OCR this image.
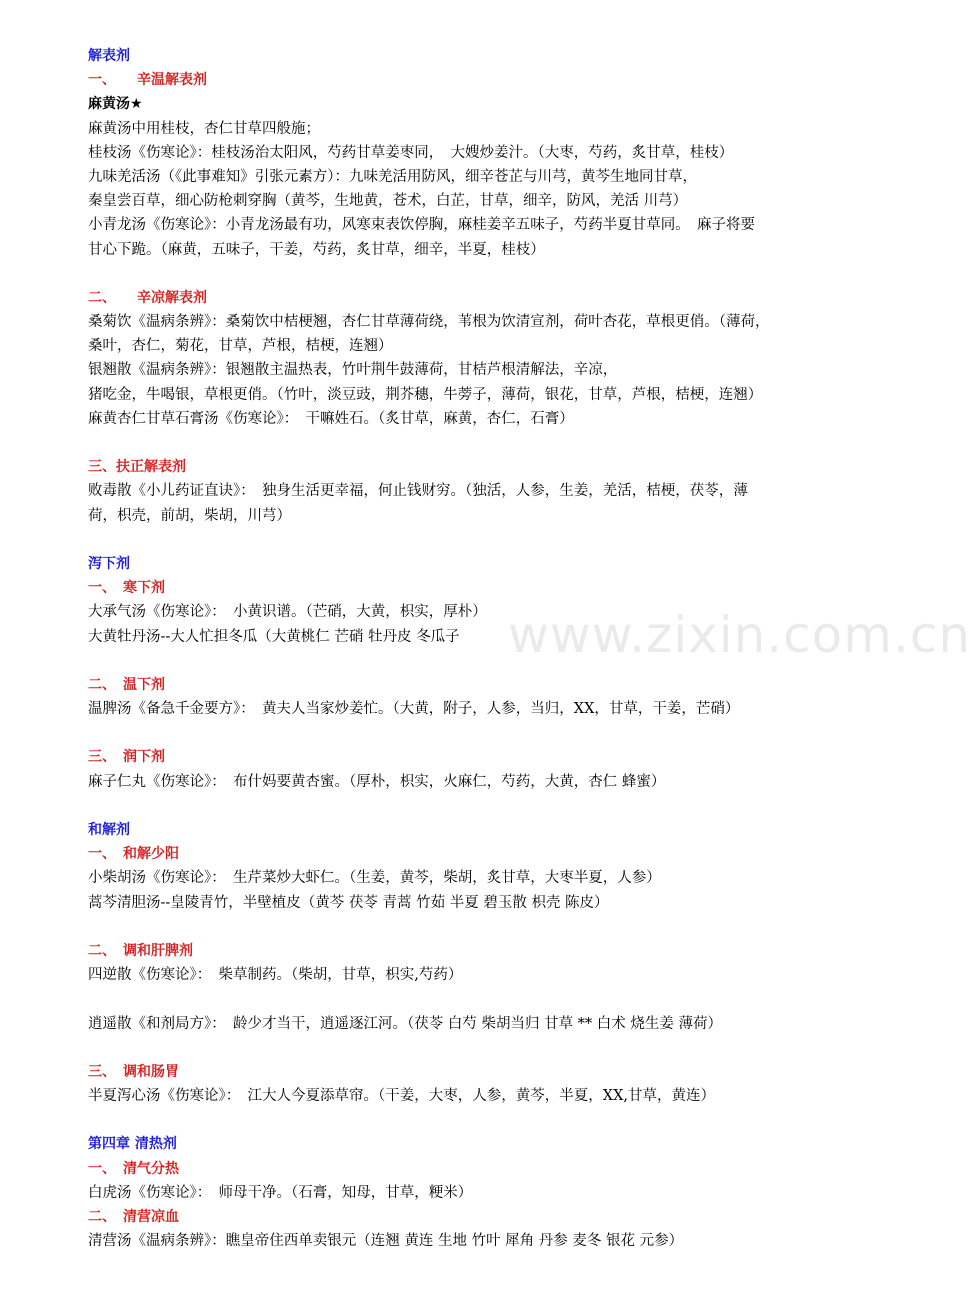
解表剂
一、　　辛温解表剂
麻黄汤★
麻黄汤中用桂枝，杏仁甘草四般施；
桂枝汤《伤寒论》：桂枝汤治太阳风，芍药甘草姜枣同，　大嫂炒姜汁。（大枣，芍药，炙甘草，桂枝）
九味羌活汤（《此事难知》引张元素方）：九味羌活用防风，细辛苍芷与川芎，黄芩生地同甘草，
秦皇尝百草，细心防枪刺穿胸（黄芩，生地黄，苍术，白芷，甘草，细辛，防风，羌活 川芎）
小青龙汤《伤寒论》：小青龙汤最有功，风寒束表饮停胸，麻桂姜辛五味子，芍药半夏甘草同。　麻子将要
甘心下跪。（麻黄，五味子，干姜，芍药，炙甘草，细辛，半夏，桂枝）
二、　　辛凉解表剂
桑菊饮《温病条辨》：桑菊饮中桔梗翘，杏仁甘草薄荷绕，苇根为饮清宣剂，荷叶杏花，草根更俏。（薄荷，
桑叶，杏仁，菊花，甘草，芦根，桔梗，连翘）
银翘散《温病条辨》：银翘散主温热表，竹叶荆牛鼓薄荷，甘桔芦根清解法，辛凉，
猪吃金，牛喝银，草根更俏。（竹叶，淡豆豉，荆芥穗，牛蒡子，薄荷，银花，甘草，芦根，桔梗，连翘）
麻黄杏仁甘草石膏汤《伤寒论》：　干嘛姓石。（炙甘草，麻黄，杏仁，石膏）
三、扶正解表剂
败毒散《小儿药证直诀》：　独身生活更幸福，何止钱财穷。（独活，人参，生姜，羌活，桔梗，茯苓，薄
荷，枳壳，前胡，柴胡，川芎）
泻下剂
一、　寒下剂
大承气汤《伤寒论》：　小黄识谱。（芒硝，大黄，枳实，厚朴）
大黄牡丹汤--大人忙担冬瓜（大黄桃仁 芒硝 牡丹皮 冬瓜子
二、　温下剂
温脾汤《备急千金要方》：　黄夫人当家炒姜忙。（大黄，附子，人参，当归，XX，甘草，干姜，芒硝）
三、　润下剂
麻子仁丸《伤寒论》：　布什妈要黄杏蜜。（厚朴，枳实，火麻仁，芍药，大黄，杏仁 蜂蜜）
和解剂
一、　和解少阳
小柴胡汤《伤寒论》：　生芹菜炒大虾仁。（生姜，黄芩，柴胡，炙甘草，大枣半夏，人参）
蒿芩清胆汤--皇陵青竹，半壁植皮（黄芩 茯苓 青蒿 竹茹 半夏 碧玉散 枳壳 陈皮）
二、　调和肝脾剂
四逆散《伤寒论》：　柴草制药。（柴胡，甘草，枳实,芍药）
逍遥散《和剂局方》：　龄少才当干，逍遥逐江河。（茯苓 白芍 柴胡当归 甘草 ** 白术 烧生姜 薄荷）
三、　调和肠胃
半夏泻心汤《伤寒论》：　江大人今夏添草帘。（干姜，大枣，人参，黄芩，半夏，XX,甘草，黄连）
第四章 清热剂
一、　清气分热
白虎汤《伤寒论》：　师母干净。（石膏，知母，甘草，粳米）
二、　清营凉血
清营汤《温病条辨》：瞧皇帝住西单卖银元（连翘 黄连 生地 竹叶 犀角 丹参 麦冬 银花 元参）
www.zixin.com.cn
